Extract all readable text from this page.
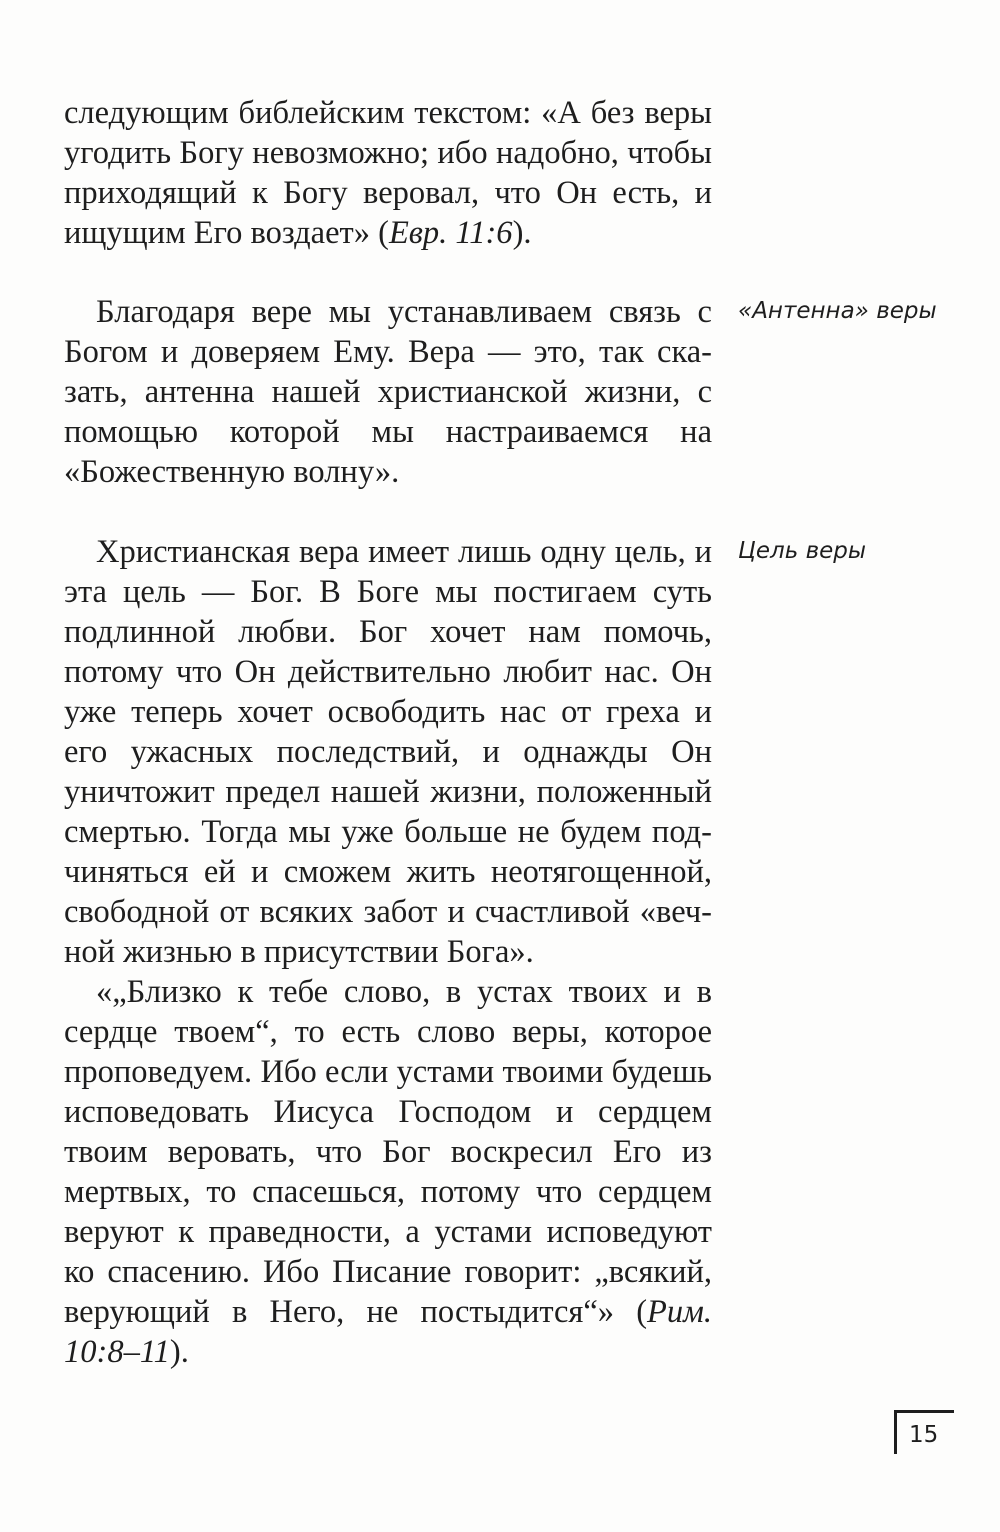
следующим библейским текстом: «А без веры угодить Богу невозможно; ибо надобно, чтобы приходящий к Богу веровал, что Он есть, и ищущим Его воздает» (Евр. 11:6).

«Антенна» веры

Благодаря вере мы устанавливаем связь с Богом и доверяем Ему. Вера — это, так сказать, антенна нашей христианской жизни, с помощью которой мы настраиваемся на «Божественную волну».

Цель веры

Христианская вера имеет лишь одну цель, и эта цель — Бог. В Боге мы постигаем суть подлинной любви. Бог хочет нам помочь, потому что Он действительно любит нас. Он уже теперь хочет освободить нас от греха и его ужасных последствий, и однажды Он уничтожит предел нашей жизни, положенный смертью. Тогда мы уже больше не будем подчиняться ей и сможем жить неотягощенной, свободной от всяких забот и счастливой «вечной жизнью в присутствии Бога».

«„Близко к тебе слово, в устах твоих и в сердце твоем“, то есть слово веры, которое проповедуем. Ибо если устами твоими будешь исповедовать Иисуса Господом и сердцем твоим веровать, что Бог воскресил Его из мертвых, то спасешься, потому что сердцем веруют к праведности, а устами исповедуют ко спасению. Ибо Писание говорит: „всякий, верующий в Него, не постыдится“» (Рим. 10:8–11).

15
